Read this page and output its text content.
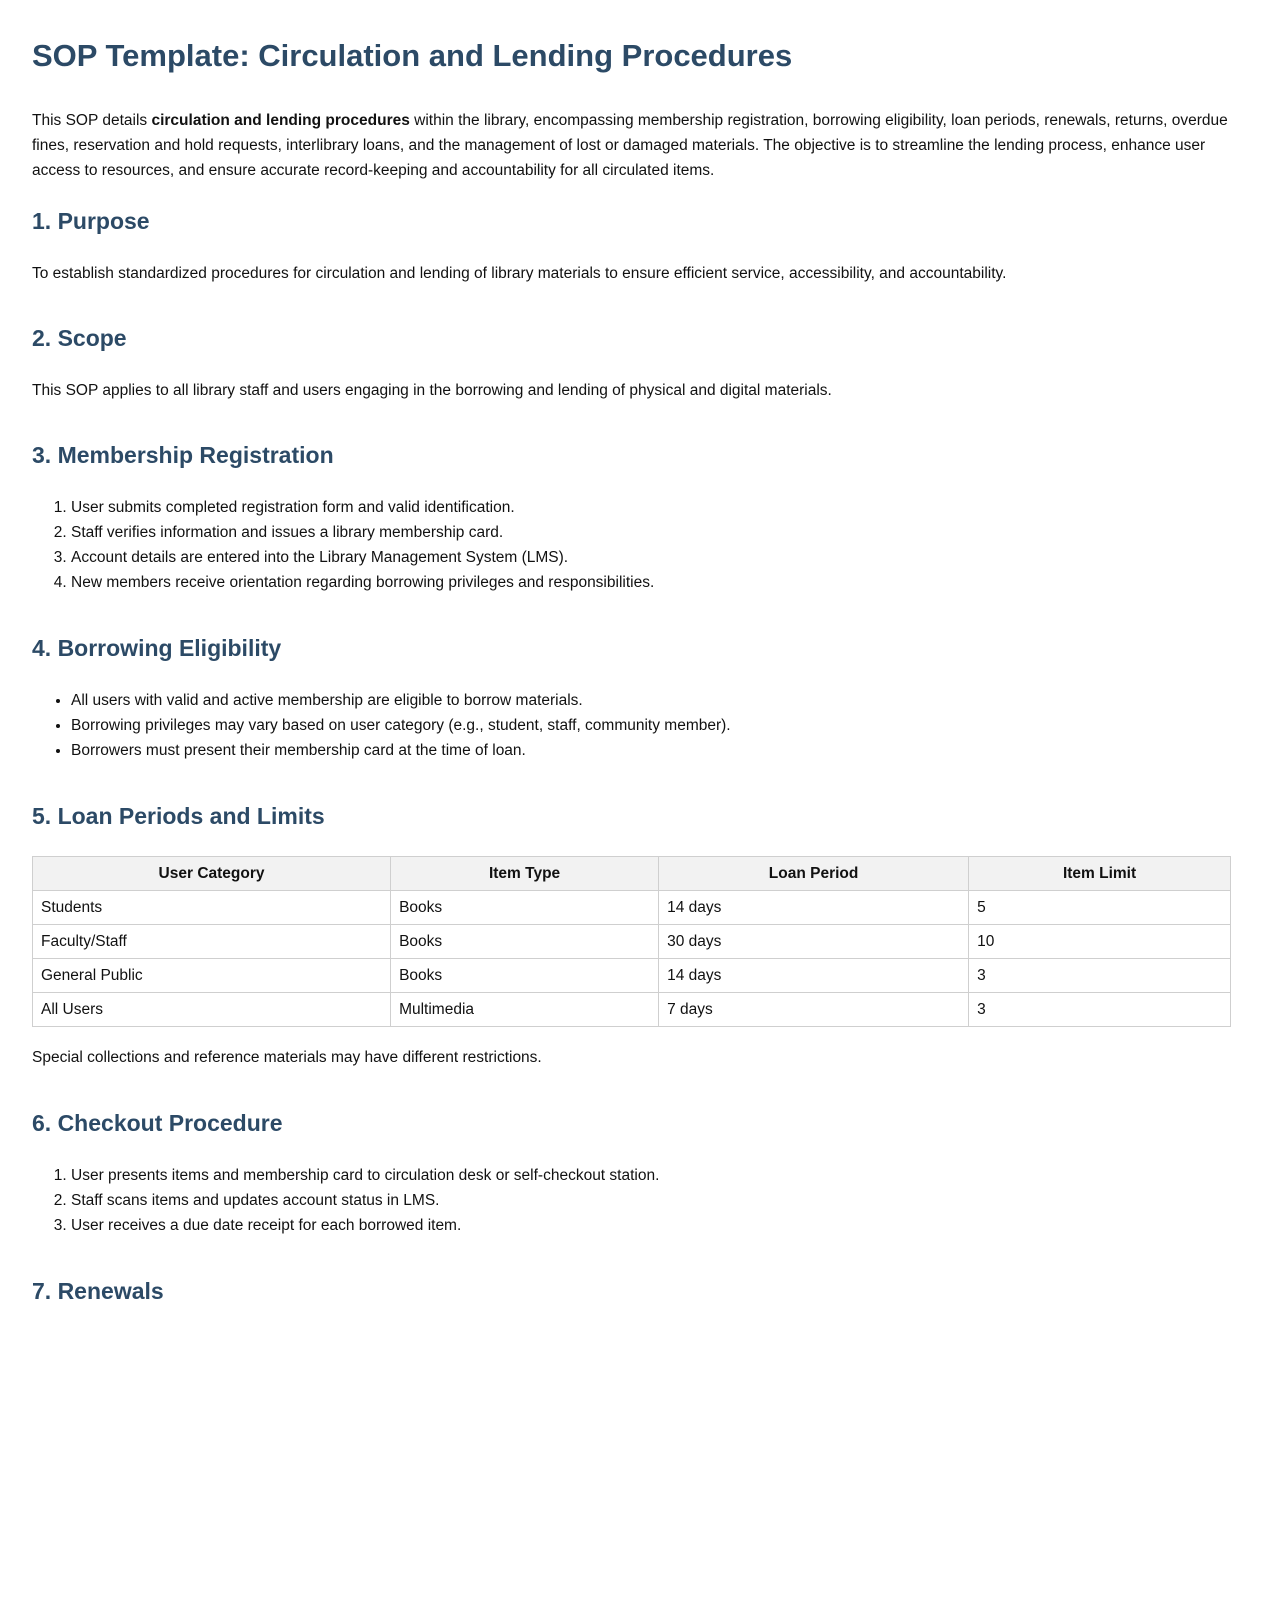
SOP Template: Circulation and Lending Procedures

This SOP details circulation and lending procedures within the library, encompassing membership registration, borrowing eligibility, loan periods, renewals, returns, overdue fines, reservation and hold requests, interlibrary loans, and the management of lost or damaged materials. The objective is to streamline the lending process, enhance user access to resources, and ensure accurate record-keeping and accountability for all circulated items.

1. Purpose

To establish standardized procedures for circulation and lending of library materials to ensure efficient service, accessibility, and accountability.

2. Scope

This SOP applies to all library staff and users engaging in the borrowing and lending of physical and digital materials.

3. Membership Registration
1. User submits completed registration form and valid identification.
2. Staff verifies information and issues a library membership card.
3. Account details are entered into the Library Management System (LMS).
4. New members receive orientation regarding borrowing privileges and responsibilities.
4. Borrowing Eligibility
• All users with valid and active membership are eligible to borrow materials.
• Borrowing privileges may vary based on user category (e.g., student, staff, community member).
• Borrowers must present their membership card at the time of loan.
5. Loan Periods and Limits
User Category	Item Type	Loan Period	Item Limit
Students	Books	14 days	5
Faculty/Staff	Books	30 days	10
General Public	Books	14 days	3
All Users	Multimedia	7 days	3

Special collections and reference materials may have different restrictions.

6. Checkout Procedure
1. User presents items and membership card to circulation desk or self-checkout station.
2. Staff scans items and updates account status in LMS.
3. User receives a due date receipt for each borrowed item.
7. Renewals
